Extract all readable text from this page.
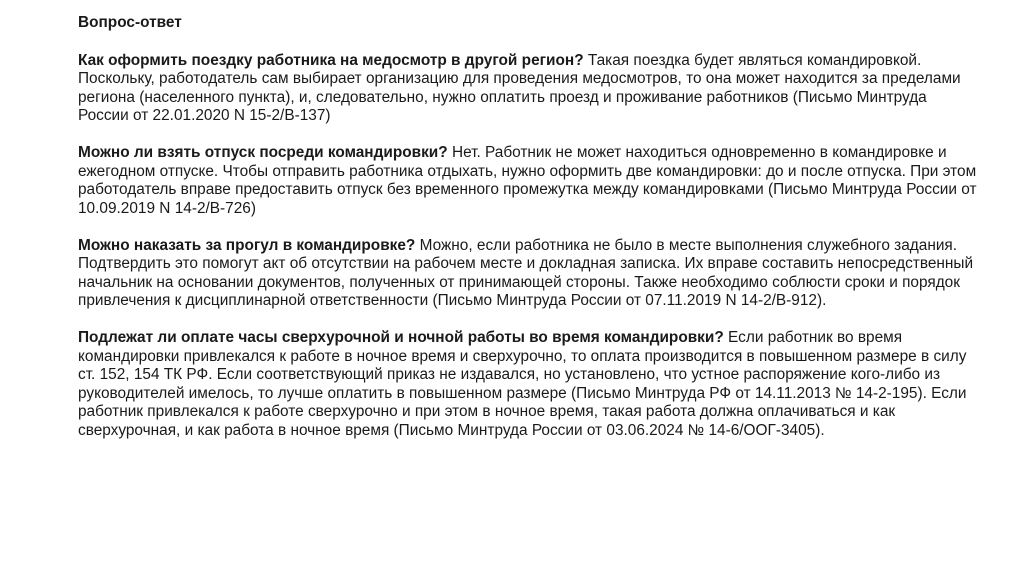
Вопрос-ответ
Как оформить поездку работника на медосмотр в другой регион? Такая поездка будет являться командировкой. Поскольку, работодатель сам выбирает организацию для проведения медосмотров, то она может находится за пределами региона (населенного пункта), и, следовательно, нужно оплатить проезд и проживание работников (Письмо Минтруда России от 22.01.2020 N 15-2/В-137)
Можно ли взять отпуск посреди командировки? Нет. Работник не может находиться одновременно в командировке и ежегодном отпуске. Чтобы отправить работника отдыхать, нужно оформить две командировки: до и после отпуска. При этом работодатель вправе предоставить отпуск без временного промежутка между командировками (Письмо Минтруда России от 10.09.2019 N 14-2/В-726)
Можно наказать за прогул в командировке? Можно, если работника не было в месте выполнения служебного задания. Подтвердить это помогут акт об отсутствии на рабочем месте и докладная записка. Их вправе составить непосредственный начальник на основании документов, полученных от принимающей стороны. Также необходимо соблюсти сроки и порядок привлечения к дисциплинарной ответственности (Письмо Минтруда России от 07.11.2019 N 14-2/В-912).
Подлежат ли оплате часы сверхурочной и ночной работы во время командировки? Если работник во время командировки привлекался к работе в ночное время и сверхурочно, то оплата производится в повышенном размере в силу ст. 152, 154 ТК РФ. Если соответствующий приказ не издавался, но установлено, что устное распоряжение кого-либо из руководителей имелось, то лучше оплатить в повышенном размере (Письмо Минтруда РФ от 14.11.2013 № 14-2-195). Если работник привлекался к работе сверхурочно и при этом в ночное время, такая работа должна оплачиваться и как сверхурочная, и как работа в ночное время (Письмо Минтруда России от 03.06.2024 № 14-6/ООГ-3405).
